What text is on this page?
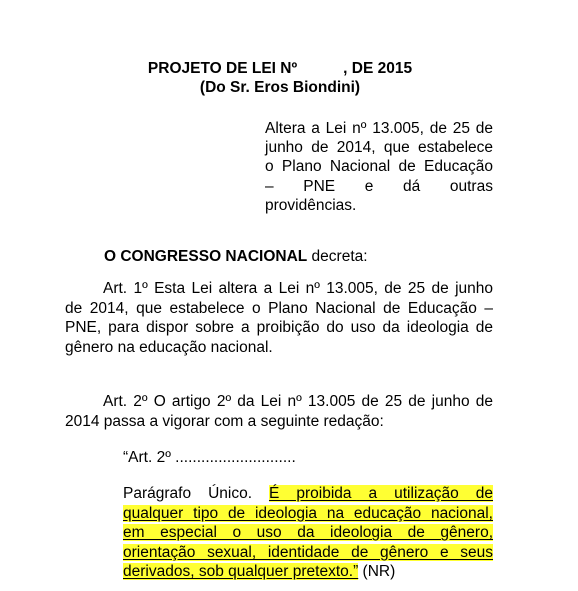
PROJETO DE LEI Nº	, DE 2015
(Do Sr. Eros Biondini)
Altera a Lei nº 13.005, de 25 de
junho de 2014, que estabelece
o Plano Nacional de Educação
– PNE e dá outras
providências.
O CONGRESSO NACIONAL decreta:
Art. 1º Esta Lei altera a Lei nº 13.005, de 25 de junho
de 2014, que estabelece o Plano Nacional de Educação –
PNE, para dispor sobre a proibição do uso da ideologia de
gênero na educação nacional.
Art. 2º O artigo 2º da Lei nº 13.005 de 25 de junho de
2014 passa a vigorar com a seguinte redação:
“Art. 2º ............................
Parágrafo Único. É proibida a utilização de
qualquer tipo de ideologia na educação nacional,
em especial o uso da ideologia de gênero,
orientação sexual, identidade de gênero e seus
derivados, sob qualquer pretexto.” (NR)
